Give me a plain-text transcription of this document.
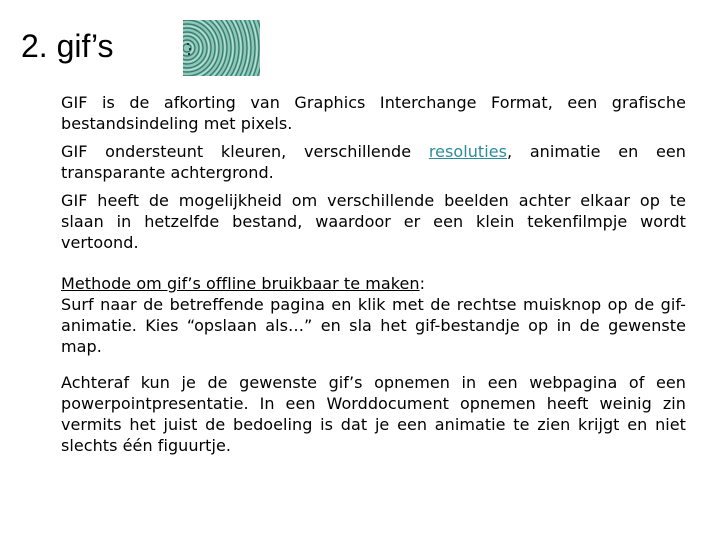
2. gif’s

GIF is de afkorting van Graphics Interchange Format, een grafische bestandsindeling met pixels.

GIF ondersteunt kleuren, verschillende resoluties, animatie en een transparante achtergrond.

GIF heeft de mogelijkheid om verschillende beelden achter elkaar op te slaan in hetzelfde bestand, waardoor er een klein tekenfilmpje wordt vertoond.

Methode om gif’s offline bruikbaar te maken:
Surf naar de betreffende pagina en klik met de rechtse muisknop op de gif-animatie. Kies “opslaan als…” en sla het gif-bestandje op in de gewenste map.

Achteraf kun je de gewenste gif’s opnemen in een webpagina of een powerpointpresentatie. In een Worddocument opnemen heeft weinig zin vermits het juist de bedoeling is dat je een animatie te zien krijgt en niet slechts één figuurtje.
